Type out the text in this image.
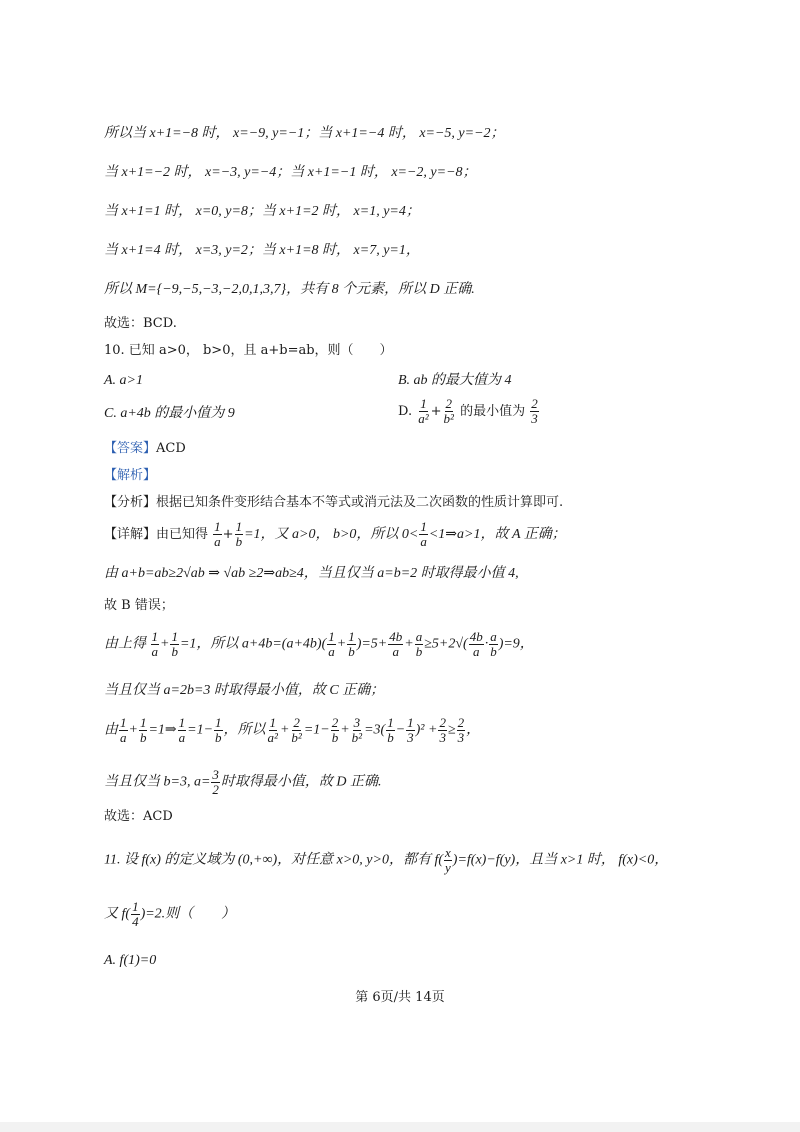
所以当 x+1=−8 时， x=−9, y=−1；当 x+1=−4 时， x=−5, y=−2；
当 x+1=−2 时， x=−3, y=−4；当 x+1=−1 时， x=−2, y=−8；
当 x+1=1 时， x=0, y=8；当 x+1=2 时， x=1, y=4；
当 x+1=4 时， x=3, y=2；当 x+1=8 时， x=7, y=1，
所以 M={−9,−5,−3,−2,0,1,3,7}，共有 8 个元素，所以 D 正确.
故选：BCD.
10. 已知 a>0， b>0，且 a+b=ab，则（　　）
A. a>1	B. ab 的最大值为 4
C. a+4b 的最小值为 9	D. $\frac{1}{\text{a²}} + \frac{2}{\text{b²}}$ 的最小值为 $\frac{2}{3}$
【答案】ACD
【解析】
【分析】根据已知条件变形结合基本不等式或消元法及二次函数的性质计算即可.
【详解】由已知得 $\frac{1}{a} + \frac{1}{b} =1$，又 a>0， b>0，所以 $0< \frac{1}{a}$ <1⇒a>1，故 A 正确；
由 a+b=ab≥2√ab ⇒ √ab ≥2⇒ab≥4，当且仅当 a=b=2 时取得最小值 4,
故 B 错误；
由上得 $\frac{1}{a} + \frac{1}{b} =1$，所以 $a+4b=(a+4b)( \frac{1}{a} + \frac{1}{b} )=5+ \frac{4b}{a} + \frac{a}{b} \ge 5+2√( \frac{4b}{a} \cdot \frac{a}{b} )=9$，
当且仅当 a=2b=3 时取得最小值，故 C 正确；
由 $\frac{1}{a} + \frac{1}{b}$ =1⇒ $\frac{1}{a} =1- \frac{1}{b}$ ，所以 $\frac{1}{\text{a²}} + \frac{2}{\text{b²}} =1- \frac{2}{b} + \frac{3}{\text{b²}} =3( \frac{1}{b} - \frac{1}{3} )^2 + \frac{2}{3} \ge \frac{2}{3}$ ，
当且仅当 b=3, $a= \frac{3}{2}$ 时取得最小值，故 D 正确.
故选：ACD
11. 设 f(x) 的定义域为 (0,+∞)，对任意 x>0, y>0，都有 $f( \frac{x}{y} )=f(x)-f(y)$，且当 x>1 时， f(x)<0，
又 $f( \frac{1}{4} )=2$.则（　　）
A. f(1)=0
第 6页/共 14页
